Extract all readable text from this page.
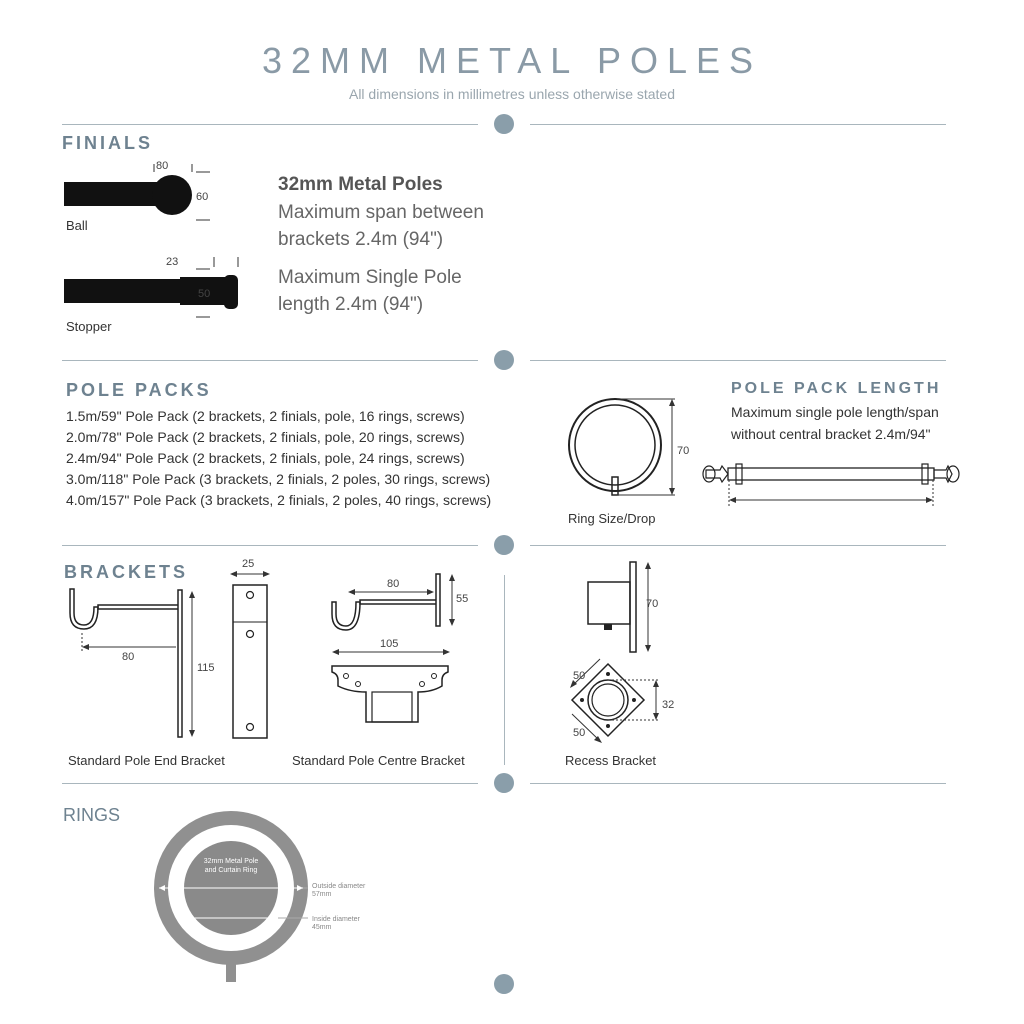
32MM METAL POLES
All dimensions in millimetres unless otherwise stated
FINIALS
80
60
Ball
23
50
Stopper
32mm Metal Poles
Maximum span between
brackets 2.4m (94")
Maximum Single Pole
length 2.4m (94")
POLE PACKS
1.5m/59" Pole Pack (2 brackets, 2 finials, pole, 16 rings, screws)
2.0m/78" Pole Pack (2 brackets, 2 finials, pole, 20 rings, screws)
2.4m/94" Pole Pack (2 brackets, 2 finials, pole, 24 rings, screws)
3.0m/118" Pole Pack (3 brackets, 2 finials, 2 poles, 30 rings, screws)
4.0m/157" Pole Pack (3 brackets, 2 finials, 2 poles, 40 rings, screws)
70
Ring Size/Drop
POLE PACK LENGTH
Maximum single pole length/span
without central bracket 2.4m/94"
BRACKETS
80
115
25
Standard Pole End Bracket
80
55
105
Standard Pole Centre Bracket
70
50
50
32
Recess Bracket
RINGS
32mm Metal Pole
and Curtain Ring
Outside diameter
57mm
Inside diameter
45mm
